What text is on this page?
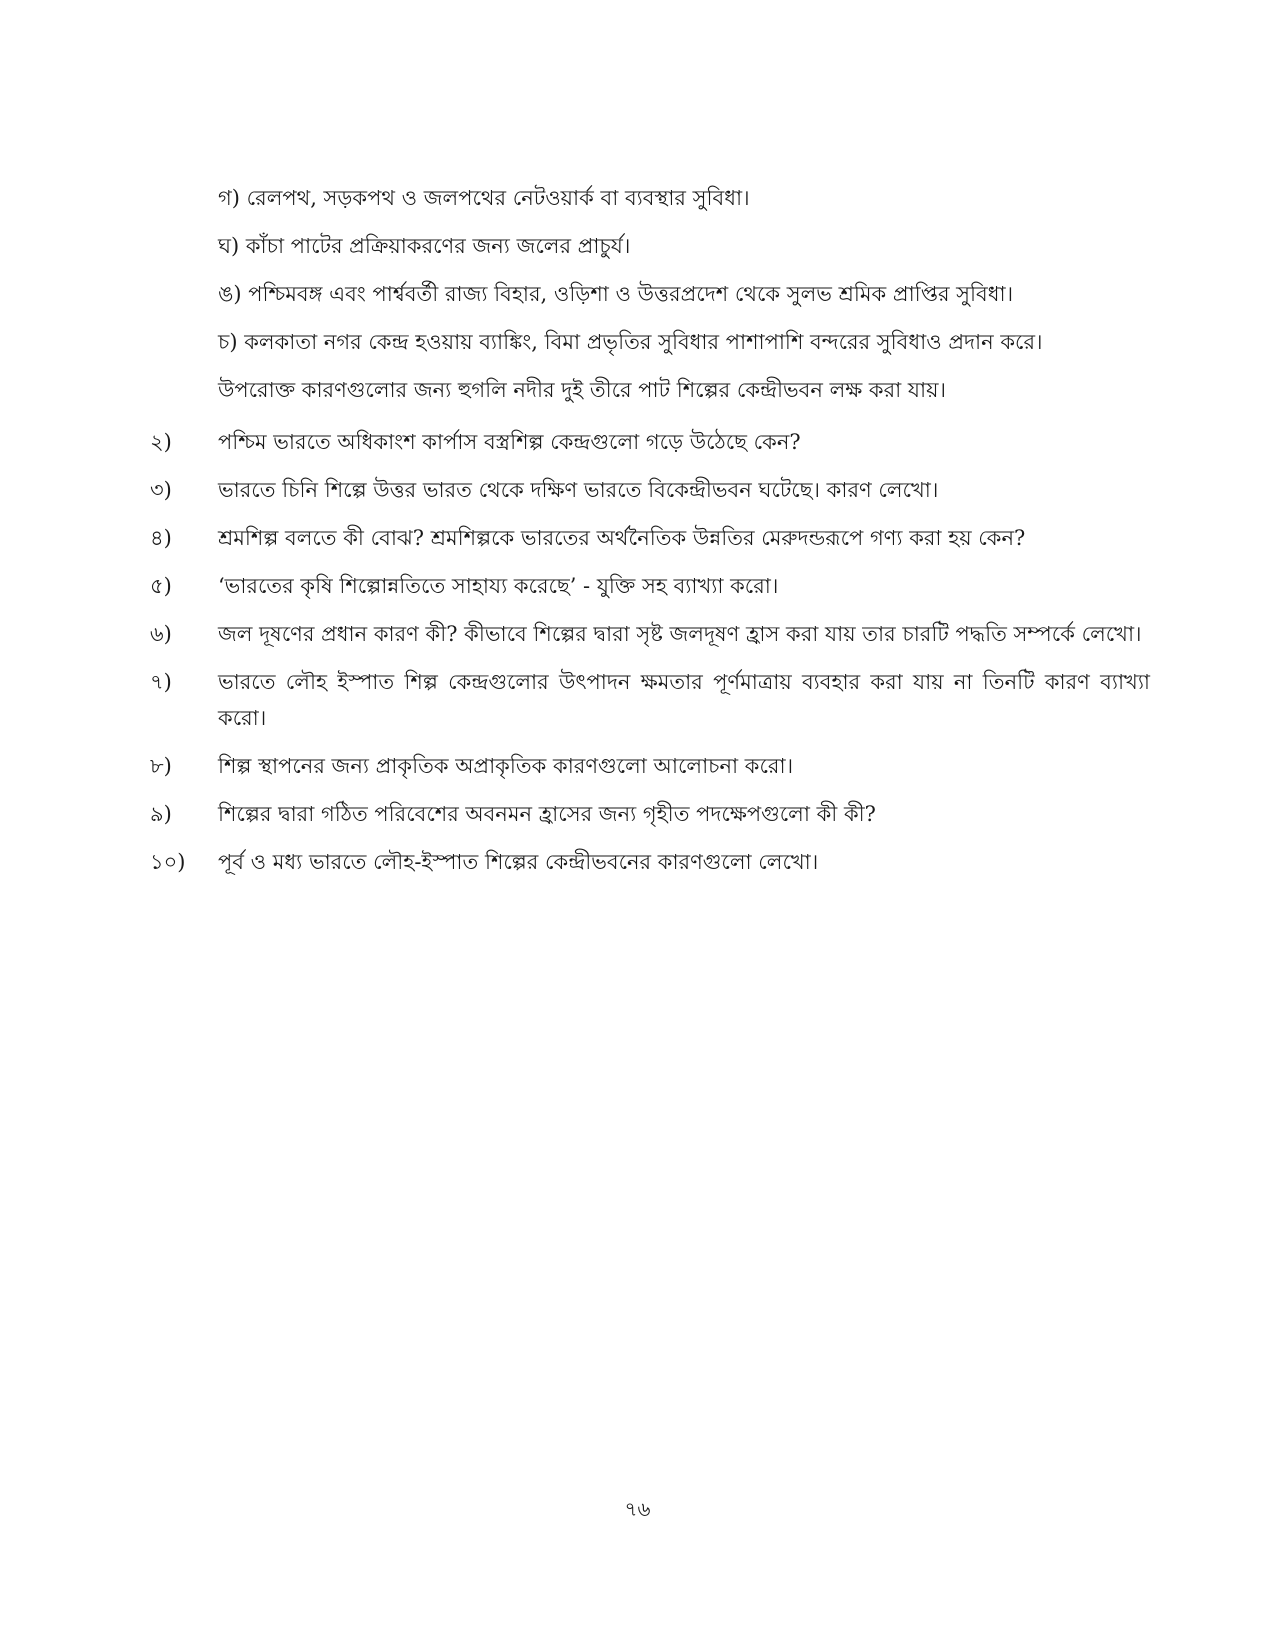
গ) রেলপথ, সড়কপথ ও জলপথের নেটওয়ার্ক বা ব্যবস্থার সুবিধা।
ঘ) কাঁচা পাটের প্রক্রিয়াকরণের জন্য জলের প্রাচুর্য।
ঙ) পশ্চিমবঙ্গ এবং পার্শ্ববর্তী রাজ্য বিহার, ওড়িশা ও উত্তরপ্রদেশ থেকে সুলভ শ্রমিক প্রাপ্তির সুবিধা।
চ) কলকাতা নগর কেন্দ্র হওয়ায় ব্যাঙ্কিং, বিমা প্রভৃতির সুবিধার পাশাপাশি বন্দরের সুবিধাও প্রদান করে।
উপরোক্ত কারণগুলোর জন্য হুগলি নদীর দুই তীরে পাট শিল্পের কেন্দ্রীভবন লক্ষ করা যায়।
২)	পশ্চিম ভারতে অধিকাংশ কার্পাস বস্ত্রশিল্প কেন্দ্রগুলো গড়ে উঠেছে কেন?
৩)	ভারতে চিনি শিল্পে উত্তর ভারত থেকে দক্ষিণ ভারতে বিকেন্দ্রীভবন ঘটেছে। কারণ লেখো।
৪)	শ্রমশিল্প বলতে কী বোঝ? শ্রমশিল্পকে ভারতের অর্থনৈতিক উন্নতির মেরুদন্ডরূপে গণ্য করা হয় কেন?
৫)	‘ভারতের কৃষি শিল্পোন্নতিতে সাহায্য করেছে’ - যুক্তি সহ ব্যাখ্যা করো।
৬)	জল দূষণের প্রধান কারণ কী? কীভাবে শিল্পের দ্বারা সৃষ্ট জলদূষণ হ্রাস করা যায় তার চারটি পদ্ধতি সম্পর্কে লেখো।
৭)	ভারতে লৌহ ইস্পাত শিল্প কেন্দ্রগুলোর উৎপাদন ক্ষমতার পূর্ণমাত্রায় ব্যবহার করা যায় না তিনটি কারণ ব্যাখ্যা করো।
৮)	শিল্প স্থাপনের জন্য প্রাকৃতিক অপ্রাকৃতিক কারণগুলো আলোচনা করো।
৯)	শিল্পের দ্বারা গঠিত পরিবেশের অবনমন হ্রাসের জন্য গৃহীত পদক্ষেপগুলো কী কী?
১০)	পূর্ব ও মধ্য ভারতে লৌহ-ইস্পাত শিল্পের কেন্দ্রীভবনের কারণগুলো লেখো।
৭৬
